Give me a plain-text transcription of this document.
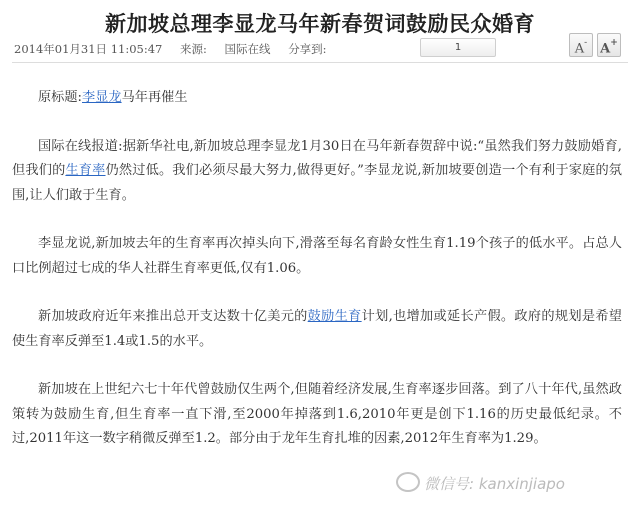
新加坡总理李显龙马年新春贺词鼓励民众婚育
2014年01月31日 11:05:47 来源: 国际在线 分享到:	1	A- A+

原标题:李显龙马年再催生

国际在线报道:据新华社电,新加坡总理李显龙1月30日在马年新春贺辞中说:“虽然我们努力鼓励婚育,但我们的生育率仍然过低。我们必须尽最大努力,做得更好。”李显龙说,新加坡要创造一个有利于家庭的氛围,让人们敢于生育。

李显龙说,新加坡去年的生育率再次掉头向下,滑落至每名育龄女性生育1.19个孩子的低水平。占总人口比例超过七成的华人社群生育率更低,仅有1.06。

新加坡政府近年来推出总开支达数十亿美元的鼓励生育计划,也增加或延长产假。政府的规划是希望使生育率反弹至1.4或1.5的水平。

新加坡在上世纪六七十年代曾鼓励仅生两个,但随着经济发展,生育率逐步回落。到了八十年代,虽然政策转为鼓励生育,但生育率一直下滑,至2000年掉落到1.6,2010年更是创下1.16的历史最低纪录。不过,2011年这一数字稍微反弹至1.2。部分由于龙年生育扎堆的因素,2012年生育率为1.29。

微信号: kanxinjiapo
